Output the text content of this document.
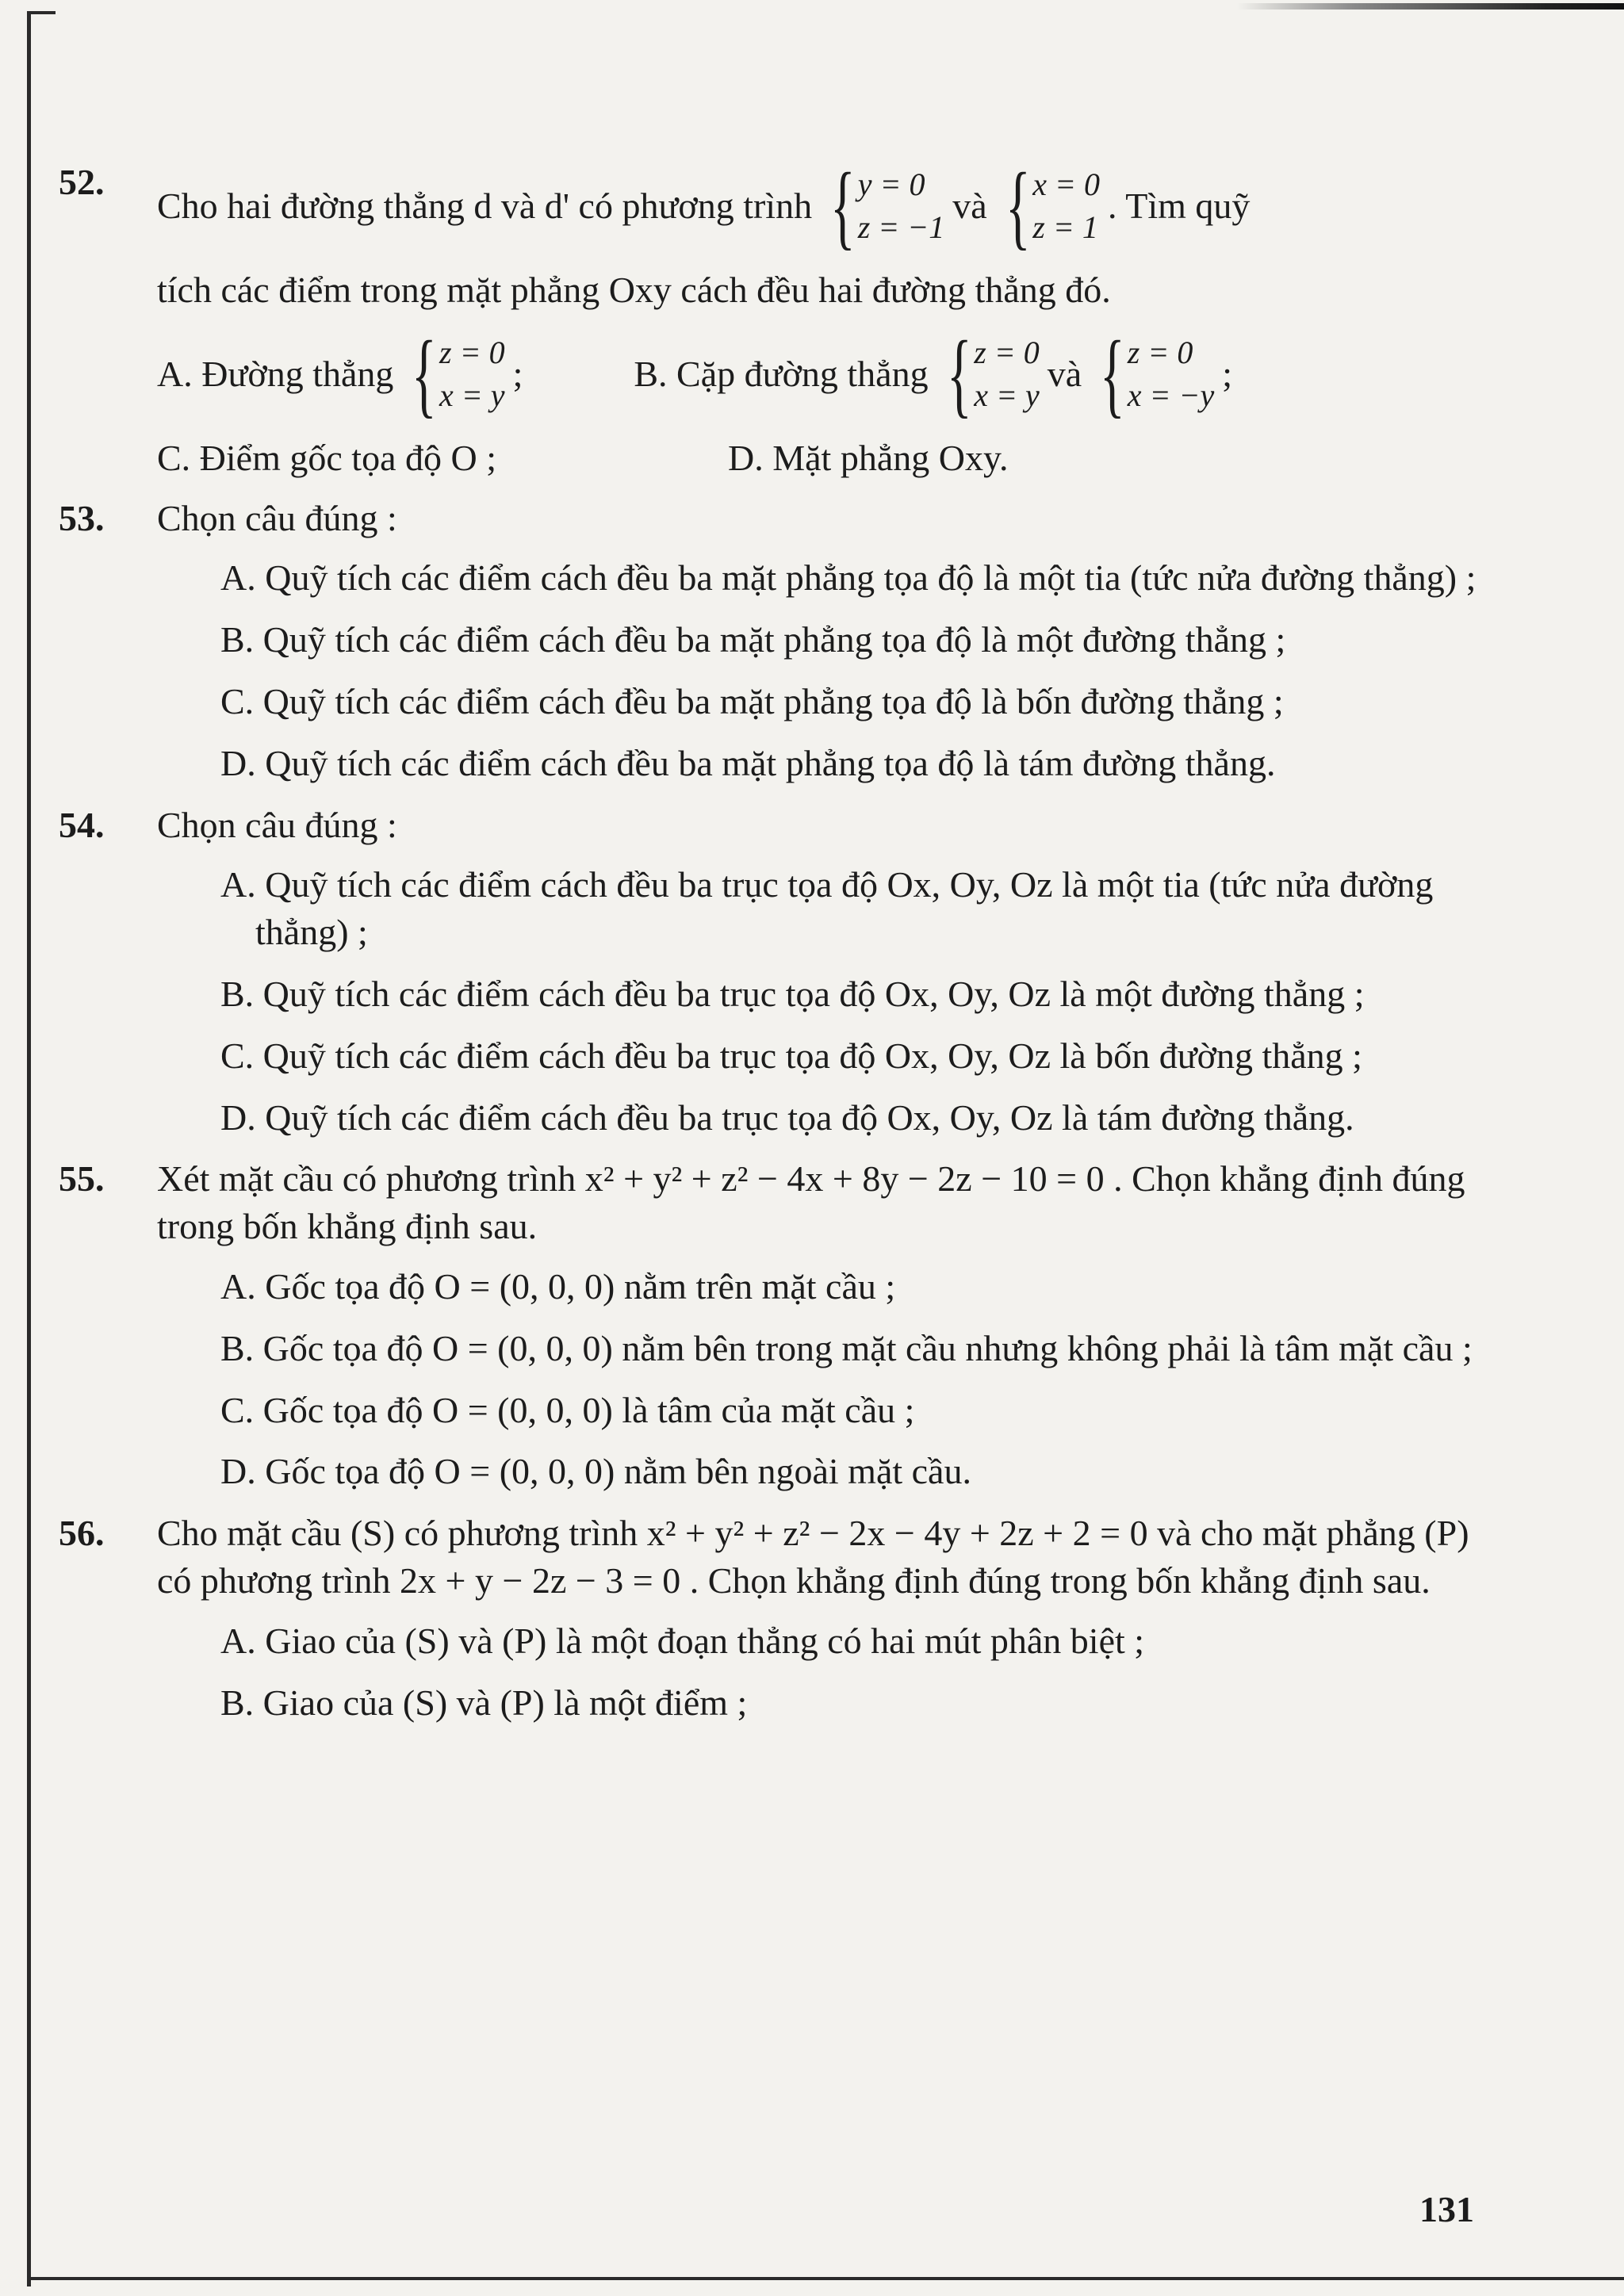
52.
Cho hai đường thẳng d và d' có phương trình { y = 0
z = −1
và { x = 0
z = 1
. Tìm quỹ
tích các điểm trong mặt phẳng Oxy cách đều hai đường thẳng đó.
A. Đường thẳng { z = 0
x = y
;	B. Cặp đường thẳng { z = 0
x = y
và { z = 0
x = −y
;
C. Điểm gốc tọa độ O ;	D. Mặt phẳng Oxy.
53. Chọn câu đúng :
A. Quỹ tích các điểm cách đều ba mặt phẳng tọa độ là một tia (tức nửa đường thẳng) ;
B. Quỹ tích các điểm cách đều ba mặt phẳng tọa độ là một đường thẳng ;
C. Quỹ tích các điểm cách đều ba mặt phẳng tọa độ là bốn đường thẳng ;
D. Quỹ tích các điểm cách đều ba mặt phẳng tọa độ là tám đường thẳng.
54. Chọn câu đúng :
A. Quỹ tích các điểm cách đều ba trục tọa độ Ox, Oy, Oz là một tia (tức nửa đường thẳng) ;
B. Quỹ tích các điểm cách đều ba trục tọa độ Ox, Oy, Oz là một đường thẳng ;
C. Quỹ tích các điểm cách đều ba trục tọa độ Ox, Oy, Oz là bốn đường thẳng ;
D. Quỹ tích các điểm cách đều ba trục tọa độ Ox, Oy, Oz là tám đường thẳng.
55. Xét mặt cầu có phương trình x² + y² + z² − 4x + 8y − 2z − 10 = 0 . Chọn khẳng định đúng trong bốn khẳng định sau.
A. Gốc tọa độ O = (0, 0, 0) nằm trên mặt cầu ;
B. Gốc tọa độ O = (0, 0, 0) nằm bên trong mặt cầu nhưng không phải là tâm mặt cầu ;
C. Gốc tọa độ O = (0, 0, 0) là tâm của mặt cầu ;
D. Gốc tọa độ O = (0, 0, 0) nằm bên ngoài mặt cầu.
56. Cho mặt cầu (S) có phương trình x² + y² + z² − 2x − 4y + 2z + 2 = 0 và cho mặt phẳng (P) có phương trình 2x + y − 2z − 3 = 0 . Chọn khẳng định đúng trong bốn khẳng định sau.
A. Giao của (S) và (P) là một đoạn thẳng có hai mút phân biệt ;
B. Giao của (S) và (P) là một điểm ;
131
